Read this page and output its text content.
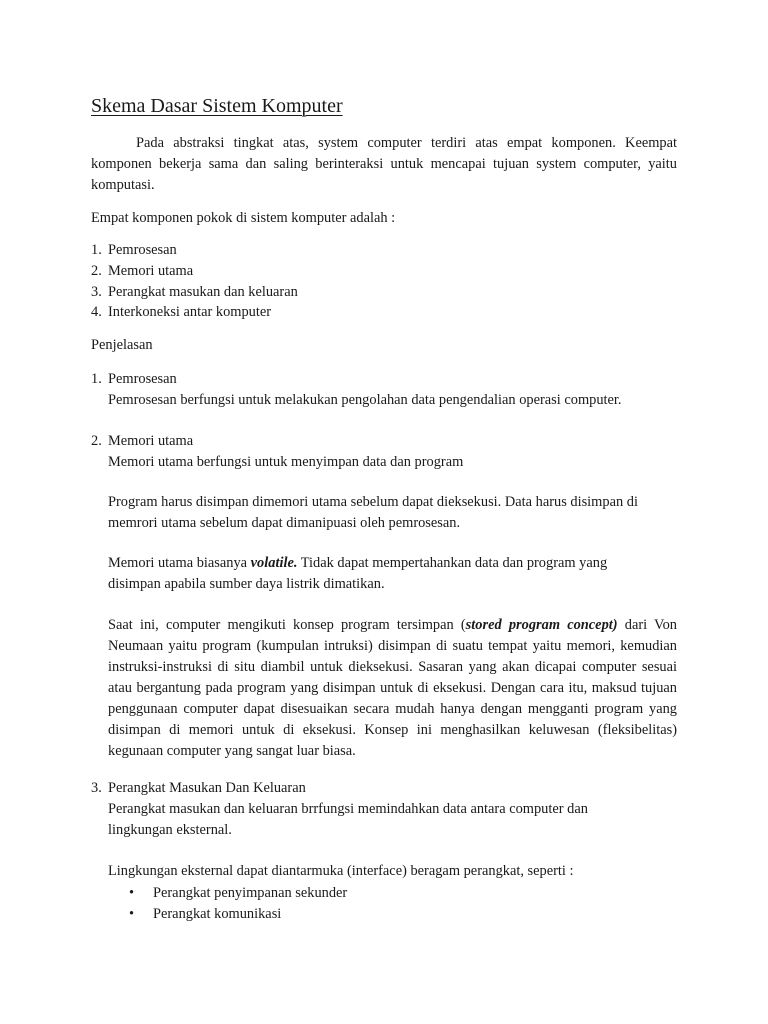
Skema Dasar Sistem Komputer
Pada abstraksi tingkat atas, system computer terdiri atas empat komponen. Keempat komponen bekerja sama dan saling berinteraksi untuk mencapai tujuan system computer, yaitu komputasi.
Empat komponen pokok di sistem komputer adalah :
1. Pemrosesan
2. Memori utama
3. Perangkat masukan dan keluaran
4. Interkoneksi antar komputer
Penjelasan
1. Pemrosesan
Pemrosesan berfungsi untuk melakukan pengolahan data pengendalian operasi computer.
2. Memori utama
Memori utama berfungsi untuk menyimpan data dan program
Program harus disimpan dimemori utama sebelum dapat dieksekusi. Data harus disimpan di memrori utama sebelum dapat dimanipuasi oleh pemrosesan.
Memori utama biasanya volatile. Tidak dapat mempertahankan data dan program yang disimpan apabila sumber daya listrik dimatikan.
Saat ini, computer mengikuti konsep program tersimpan (stored program concept) dari Von Neumaan yaitu program (kumpulan intruksi) disimpan di suatu tempat yaitu memori, kemudian instruksi-instruksi di situ diambil untuk dieksekusi. Sasaran yang akan dicapai computer sesuai atau bergantung pada program yang disimpan untuk di eksekusi. Dengan cara itu, maksud tujuan penggunaan computer dapat disesuaikan secara mudah hanya dengan mengganti program yang disimpan di memori untuk di eksekusi. Konsep ini menghasilkan keluwesan (fleksibelitas) kegunaan computer yang sangat luar biasa.
3. Perangkat Masukan Dan Keluaran
Perangkat masukan dan keluaran brrfungsi memindahkan data antara computer dan lingkungan eksternal.
Lingkungan eksternal dapat diantarmuka (interface) beragam perangkat, seperti :
• Perangkat penyimpanan sekunder
• Perangkat komunikasi
